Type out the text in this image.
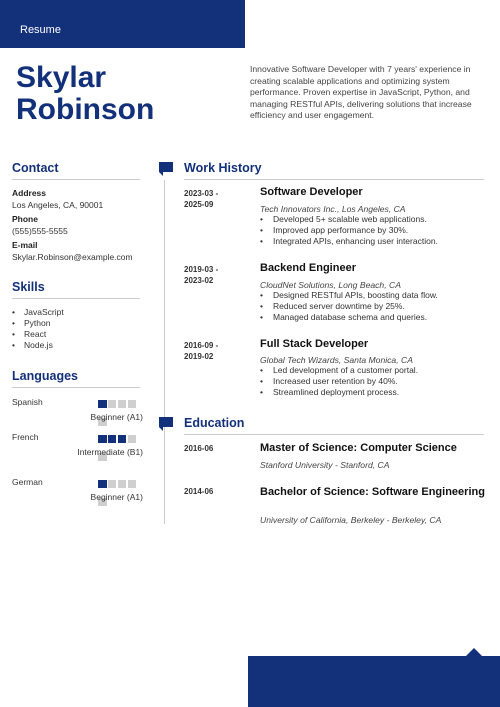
Resume
Skylar
Robinson
Innovative Software Developer with 7 years' experience in creating scalable applications and optimizing system performance. Proven expertise in JavaScript, Python, and managing RESTful APIs, delivering solutions that increase efficiency and user engagement.
Contact
Address
Los Angeles, CA, 90001
Phone
(555)555-5555
E-mail
Skylar.Robinson@example.com
Skills
• JavaScript
• Python
• React
• Node.js
Languages
Spanish
Beginner (A1)
French
Intermediate (B1)
German
Beginner (A1)
Work History
2023-03 -
2025-09
Software Developer
Tech Innovators Inc., Los Angeles, CA
• Developed 5+ scalable web applications.
• Improved app performance by 30%.
• Integrated APIs, enhancing user interaction.
2019-03 -
2023-02
Backend Engineer
CloudNet Solutions, Long Beach, CA
• Designed RESTful APIs, boosting data flow.
• Reduced server downtime by 25%.
• Managed database schema and queries.
2016-09 -
2019-02
Full Stack Developer
Global Tech Wizards, Santa Monica, CA
• Led development of a customer portal.
• Increased user retention by 40%.
• Streamlined deployment process.
Education
2016-06	Master of Science: Computer Science
Stanford University - Stanford, CA
2014-06	Bachelor of Science: Software Engineering
University of California, Berkeley - Berkeley, CA
